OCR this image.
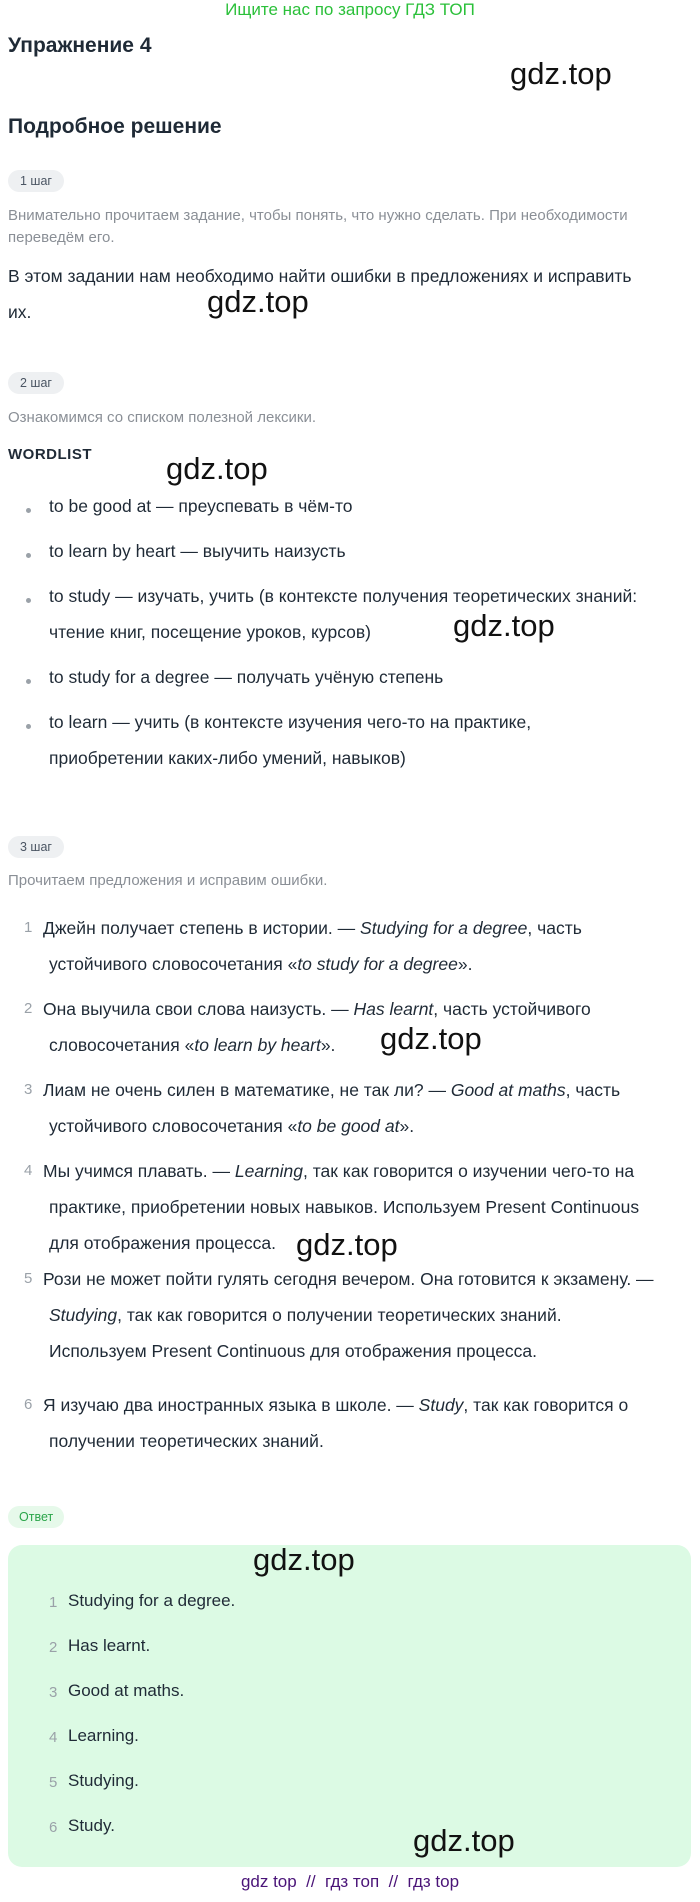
Ищите нас по запросу ГДЗ ТОП
Упражнение 4
gdz.top
Подробное решение
1 шаг
Внимательно прочитаем задание, чтобы понять, что нужно сделать. При необходимости переведём его.
В этом задании нам необходимо найти ошибки в предложениях и исправить
их.	gdz.top
2 шаг
Ознакомимся со списком полезной лексики.
WORDLIST gdz.top
to be good at — преуспевать в чём-то
to learn by heart — выучить наизусть
to study — изучать, учить (в контексте получения теоретических знаний:
чтение книг, посещение уроков, курсов)	gdz.top
to study for a degree — получать учёную степень
to learn — учить (в контексте изучения чего-то на практике,
приобретении каких-либо умений, навыков)
3 шаг
Прочитаем предложения и исправим ошибки.
1 Джейн получает степень в истории. — Studying for a degree, часть
устойчивого словосочетания «to study for a degree».
2 Она выучила свои слова наизусть. — Has learnt, часть устойчивого
словосочетания «to learn by heart». gdz.top
3 Лиам не очень силен в математике, не так ли? — Good at maths, часть
устойчивого словосочетания «to be good at».
4 Мы учимся плавать. — Learning, так как говорится о изучении чего-то на
практике, приобретении новых навыков. Используем Present Continuous
для отображения процесса. gdz.top
5 Рози не может пойти гулять сегодня вечером. Она готовится к экзамену. —
Studying, так как говорится о получении теоретических знаний.
Используем Present Continuous для отображения процесса.
6 Я изучаю два иностранных языка в школе. — Study, так как говорится о
получении теоретических знаний.
Ответ
gdz.top
1 Studying for a degree.
2 Has learnt.
3 Good at maths.
4 Learning.
5 Studying.
6 Study.	gdz.top
gdz top  //  гдз топ  //  гдз top
